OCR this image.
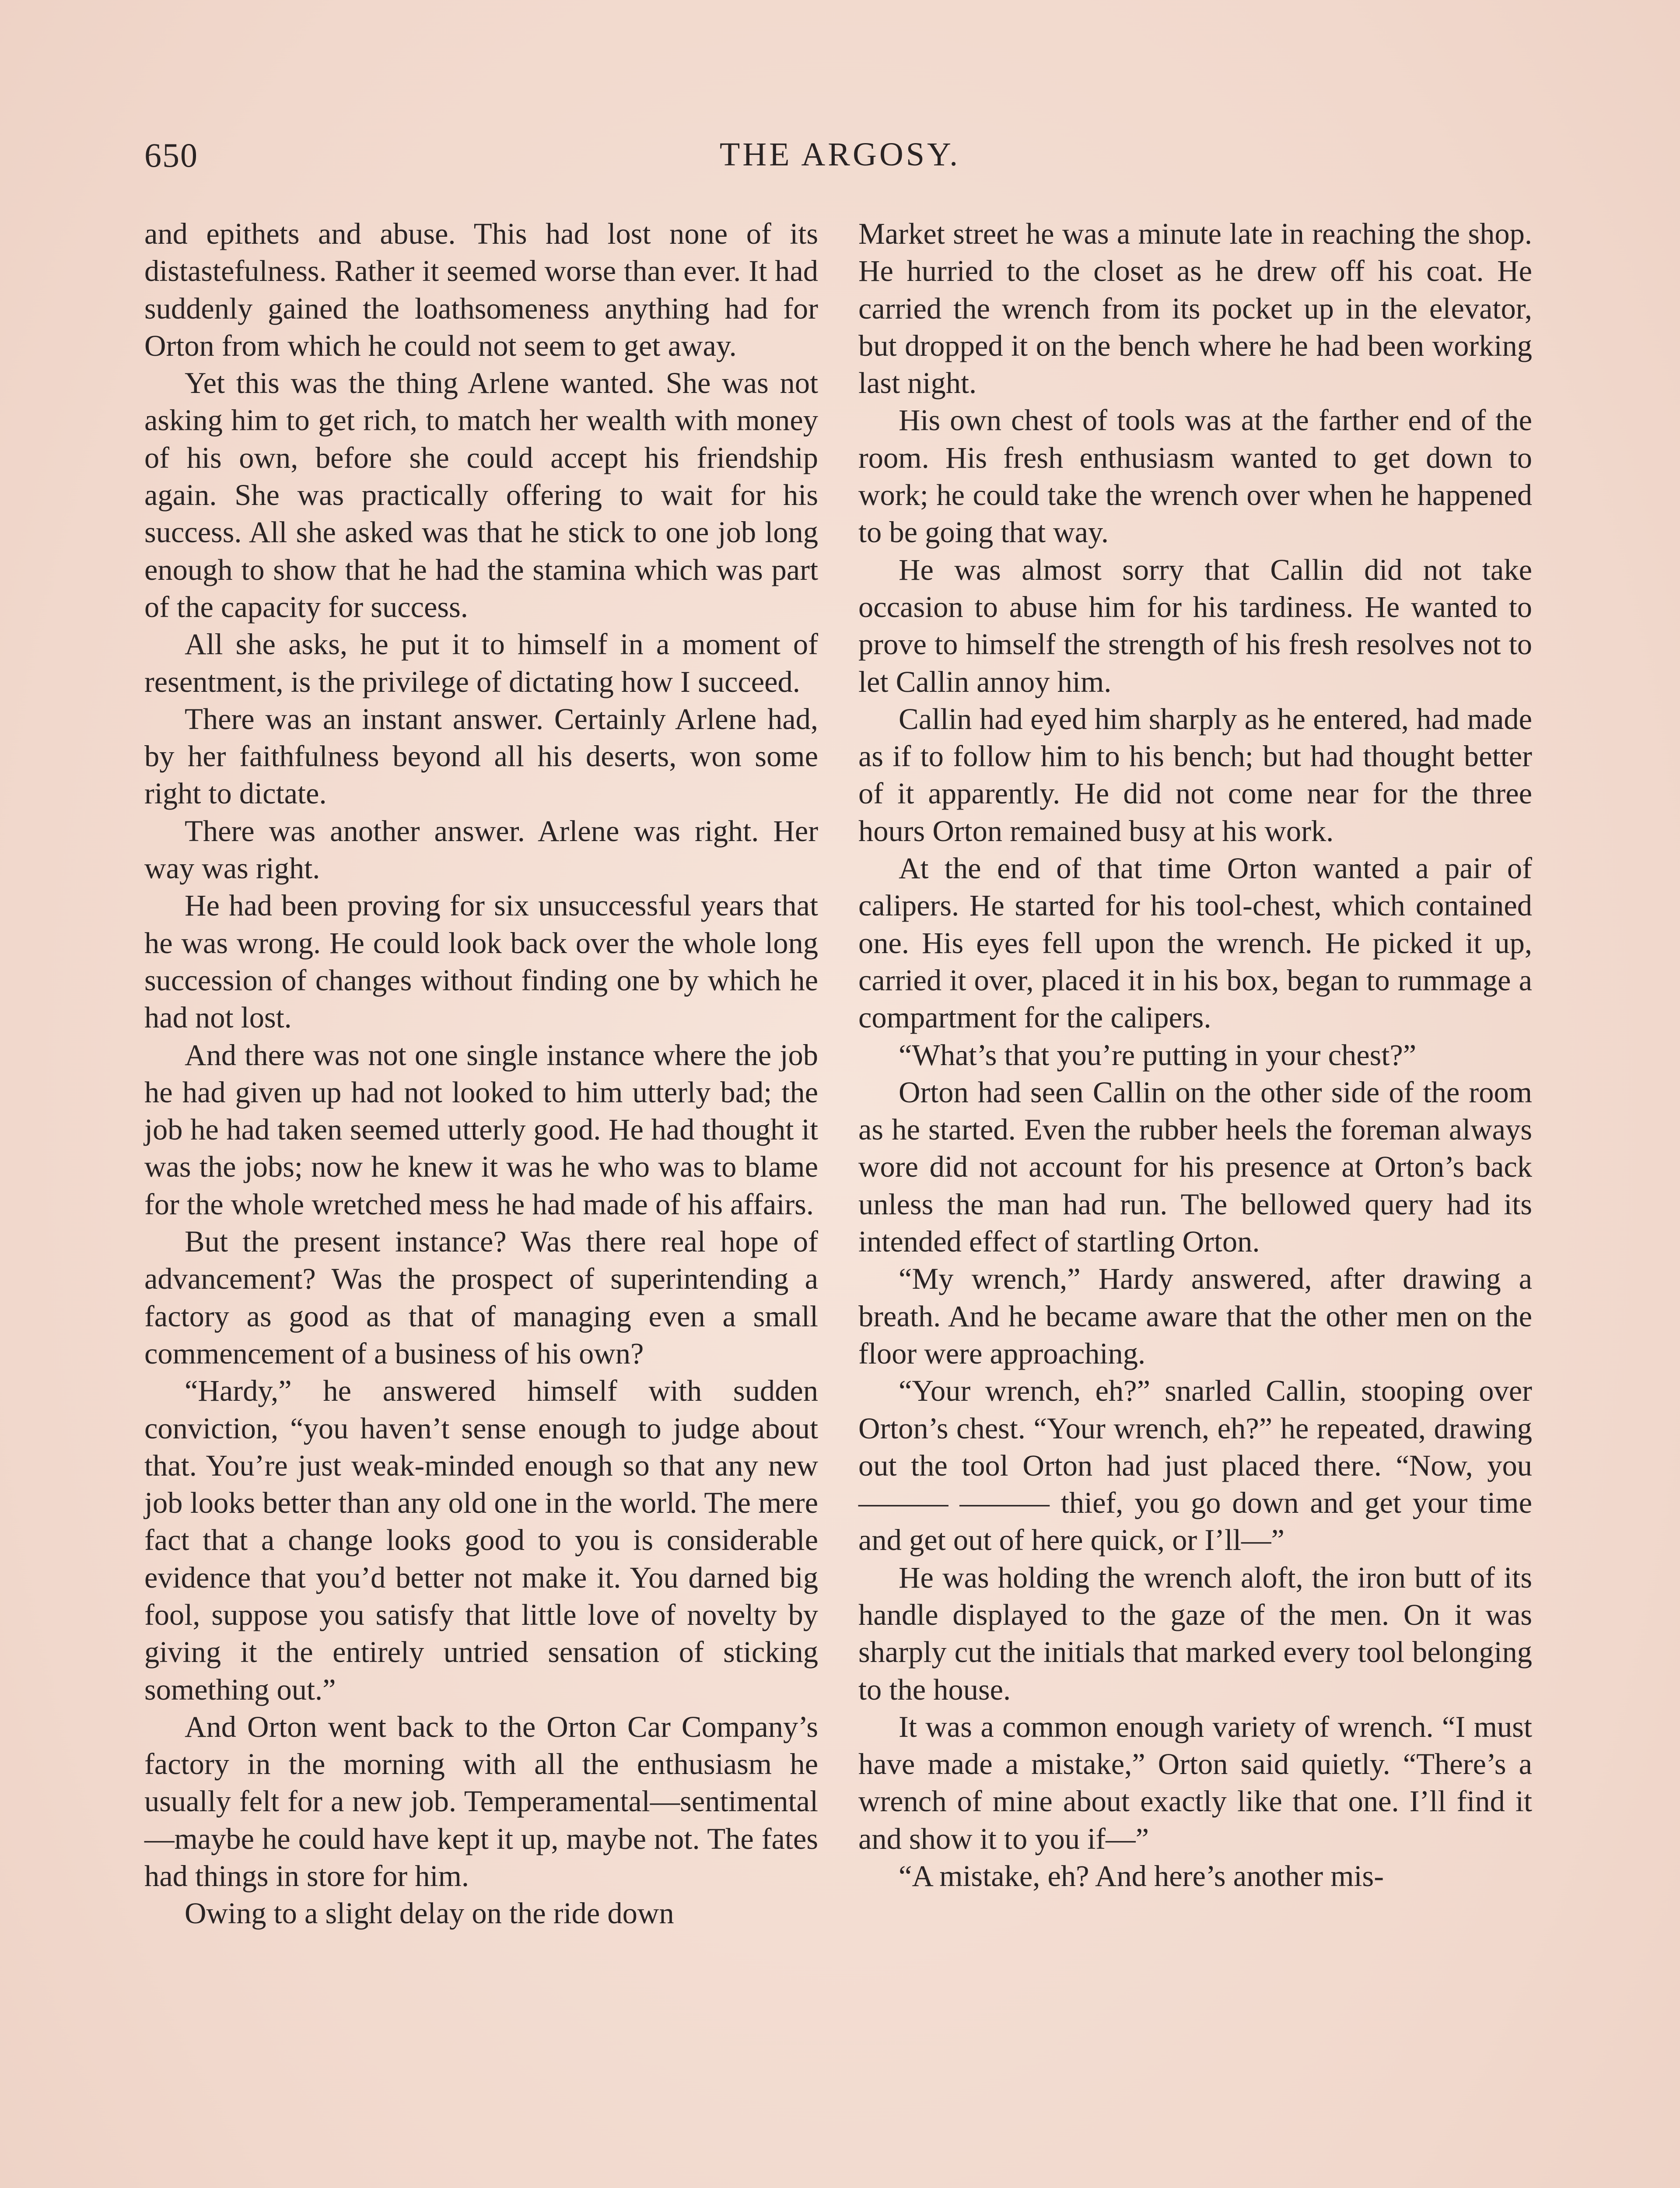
650	THE ARGOSY.

and epithets and abuse. This had lost none of its distastefulness. Rather it seemed worse than ever. It had suddenly gained the loathsomeness anything had for Orton from which he could not seem to get away.

Yet this was the thing Arlene wanted. She was not asking him to get rich, to match her wealth with money of his own, before she could accept his friendship again. She was practically offering to wait for his success. All she asked was that he stick to one job long enough to show that he had the stamina which was part of the capacity for success.

All she asks, he put it to himself in a moment of resentment, is the privilege of dictating how I succeed.

There was an instant answer. Certainly Arlene had, by her faithfulness beyond all his deserts, won some right to dictate.

There was another answer. Arlene was right. Her way was right.

He had been proving for six unsuccessful years that he was wrong. He could look back over the whole long succession of changes without finding one by which he had not lost.

And there was not one single instance where the job he had given up had not looked to him utterly bad; the job he had taken seemed utterly good. He had thought it was the jobs; now he knew it was he who was to blame for the whole wretched mess he had made of his affairs.

But the present instance? Was there real hope of advancement? Was the prospect of superintending a factory as good as that of managing even a small commencement of a business of his own?

“Hardy,” he answered himself with sudden conviction, “you haven’t sense enough to judge about that. You’re just weak-minded enough so that any new job looks better than any old one in the world. The mere fact that a change looks good to you is considerable evidence that you’d better not make it. You darned big fool, suppose you satisfy that little love of novelty by giving it the entirely untried sensation of sticking something out.”

And Orton went back to the Orton Car Company’s factory in the morning with all the enthusiasm he usually felt for a new job. Temperamental—sentimental—maybe he could have kept it up, maybe not. The fates had things in store for him.

Owing to a slight delay on the ride down

Market street he was a minute late in reaching the shop. He hurried to the closet as he drew off his coat. He carried the wrench from its pocket up in the elevator, but dropped it on the bench where he had been working last night.

His own chest of tools was at the farther end of the room. His fresh enthusiasm wanted to get down to work; he could take the wrench over when he happened to be going that way.

He was almost sorry that Callin did not take occasion to abuse him for his tardiness. He wanted to prove to himself the strength of his fresh resolves not to let Callin annoy him.

Callin had eyed him sharply as he entered, had made as if to follow him to his bench; but had thought better of it apparently. He did not come near for the three hours Orton remained busy at his work.

At the end of that time Orton wanted a pair of calipers. He started for his tool-chest, which contained one. His eyes fell upon the wrench. He picked it up, carried it over, placed it in his box, began to rummage a compartment for the calipers.

“What’s that you’re putting in your chest?”

Orton had seen Callin on the other side of the room as he started. Even the rubber heels the foreman always wore did not account for his presence at Orton’s back unless the man had run. The bellowed query had its intended effect of startling Orton.

“My wrench,” Hardy answered, after drawing a breath. And he became aware that the other men on the floor were approaching.

“Your wrench, eh?” snarled Callin, stooping over Orton’s chest. “Your wrench, eh?” he repeated, drawing out the tool Orton had just placed there. “Now, you ——— ——— thief, you go down and get your time and get out of here quick, or I’ll—”

He was holding the wrench aloft, the iron butt of its handle displayed to the gaze of the men. On it was sharply cut the initials that marked every tool belonging to the house.

It was a common enough variety of wrench. “I must have made a mistake,” Orton said quietly. “There’s a wrench of mine about exactly like that one. I’ll find it and show it to you if—”

“A mistake, eh? And here’s another mis-
